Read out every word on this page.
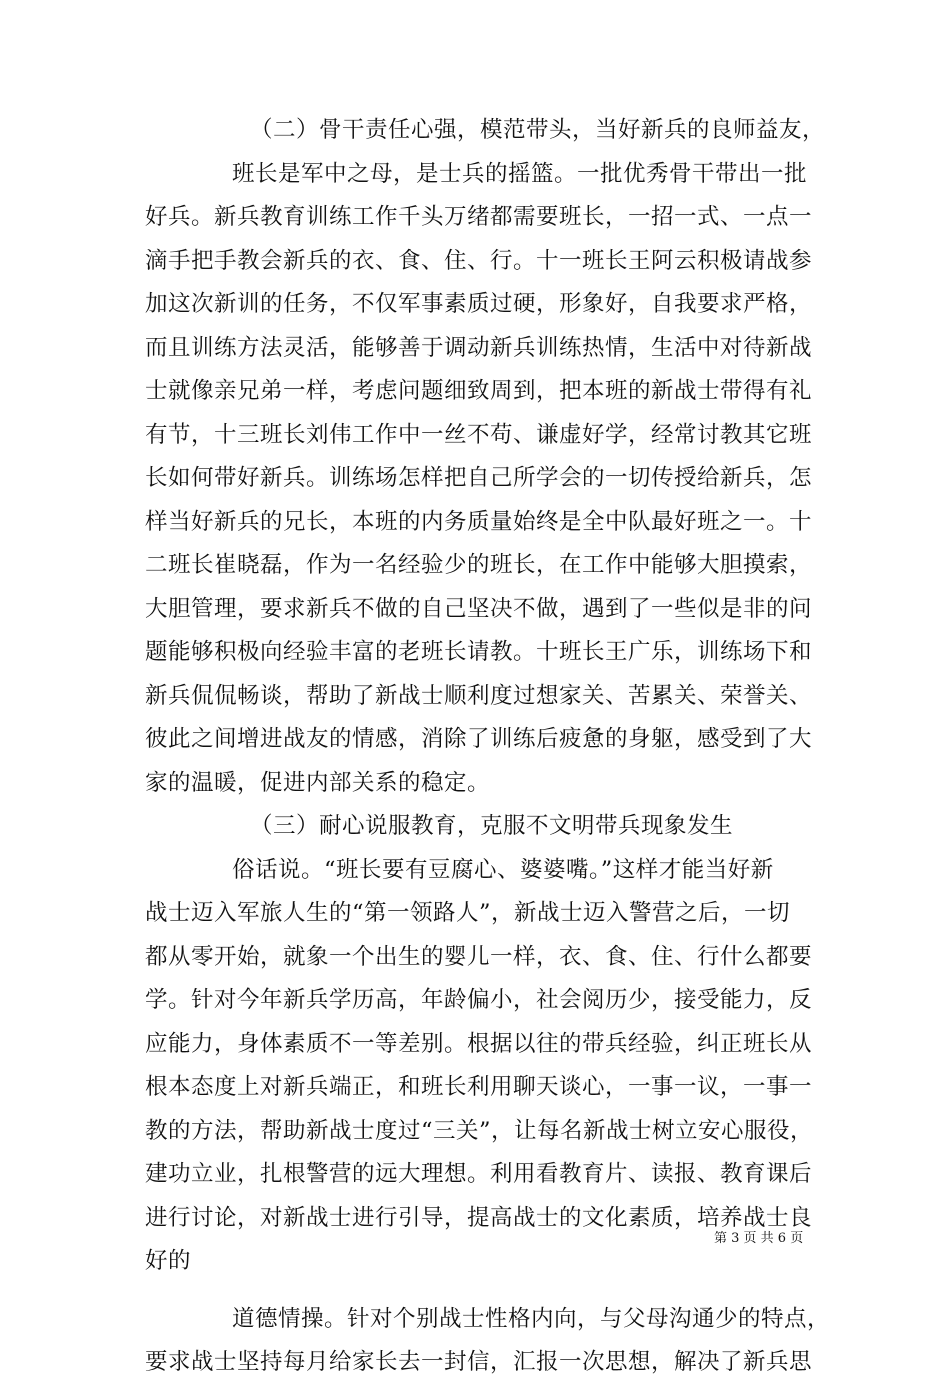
（二）骨干责任心强，模范带头，当好新兵的良师益友，
班长是军中之母，是士兵的摇篮。一批优秀骨干带出一批
好兵。新兵教育训练工作千头万绪都需要班长，一招一式、一点一
滴手把手教会新兵的衣、食、住、行。十一班长王阿云积极请战参
加这次新训的任务，不仅军事素质过硬，形象好，自我要求严格，
而且训练方法灵活，能够善于调动新兵训练热情，生活中对待新战
士就像亲兄弟一样，考虑问题细致周到，把本班的新战士带得有礼
有节，十三班长刘伟工作中一丝不苟、谦虚好学，经常讨教其它班
长如何带好新兵。训练场怎样把自己所学会的一切传授给新兵，怎
样当好新兵的兄长，本班的内务质量始终是全中队最好班之一。十
二班长崔晓磊，作为一名经验少的班长，在工作中能够大胆摸索，
大胆管理，要求新兵不做的自己坚决不做，遇到了一些似是非的问
题能够积极向经验丰富的老班长请教。十班长王广乐，训练场下和
新兵侃侃畅谈，帮助了新战士顺利度过想家关、苦累关、荣誉关、
彼此之间增进战友的情感，消除了训练后疲惫的身躯，感受到了大
家的温暖，促进内部关系的稳定。
（三）耐心说服教育，克服不文明带兵现象发生
俗话说。“班长要有豆腐心、婆婆嘴。”这样才能当好新
战士迈入军旅人生的“第一领路人”，新战士迈入警营之后，一切
都从零开始，就象一个出生的婴儿一样，衣、食、住、行什么都要
学。针对今年新兵学历高，年龄偏小，社会阅历少，接受能力，反
应能力，身体素质不一等差别。根据以往的带兵经验，纠正班长从
根本态度上对新兵端正，和班长利用聊天谈心，一事一议，一事一
教的方法，帮助新战士度过“三关”，让每名新战士树立安心服役，
建功立业，扎根警营的远大理想。利用看教育片、读报、教育课后
进行讨论，对新战士进行引导，提高战士的文化素质，培养战士良
好的
道德情操。针对个别战士性格内向，与父母沟通少的特点，
要求战士坚持每月给家长去一封信，汇报一次思想，解决了新兵思
第 3 页 共 6 页
